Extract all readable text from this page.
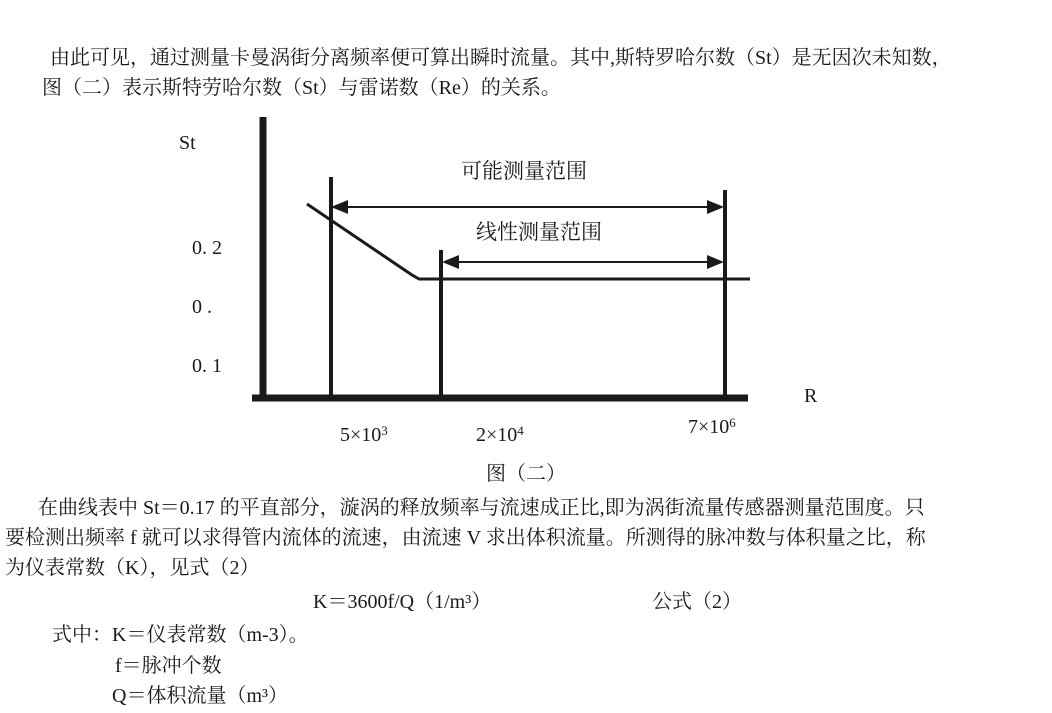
由此可见，通过测量卡曼涡街分离频率便可算出瞬时流量。其中,斯特罗哈尔数（St）是无因次未知数，
图（二）表示斯特劳哈尔数（St）与雷诺数（Re）的关系。
St
0. 2
0 .
0. 1
可能测量范围
线性测量范围
R
$5\times 10^3$	$2\times 10^4$	$7\times 10^6$
图（二）
在曲线表中 St＝0.17 的平直部分，漩涡的释放频率与流速成正比,即为涡街流量传感器测量范围度。只
要检测出频率 f 就可以求得管内流体的流速，由流速 V 求出体积流量。所测得的脉冲数与体积量之比，称
为仪表常数（K），见式（2）
K＝3600f/Q（1/m³）	公式（2）
式中：K＝仪表常数（m-3）。
f＝脉冲个数
Q＝体积流量（m³）
